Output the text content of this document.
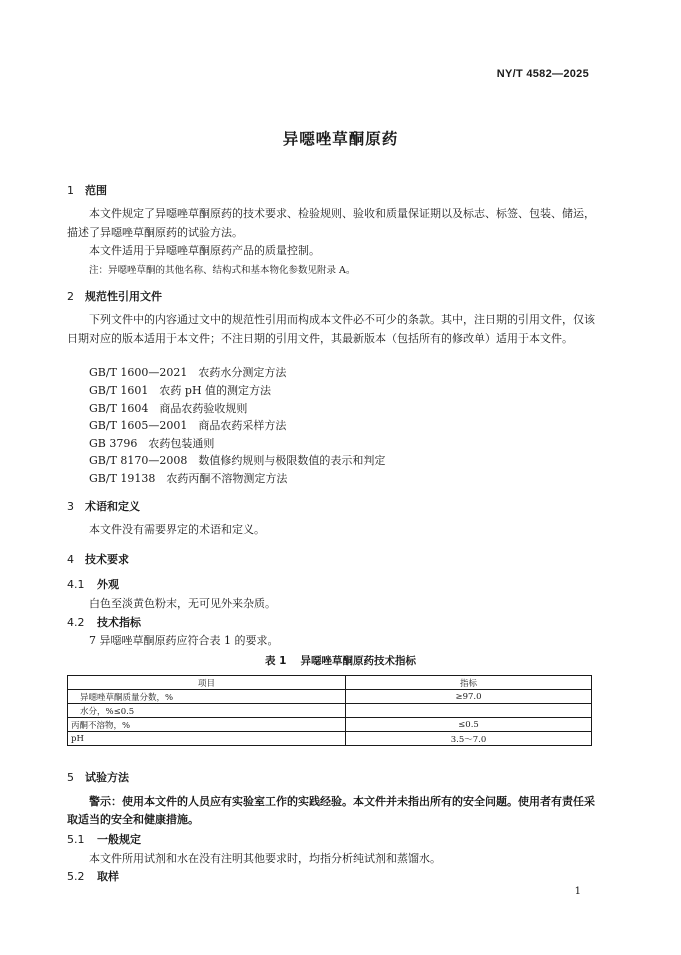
NY/T 4582—2025
异噁唑草酮原药
1 范围
本文件规定了异噁唑草酮原药的技术要求、检验规则、验收和质量保证期以及标志、标签、包装、储运，描述了异噁唑草酮原药的试验方法。
本文件适用于异噁唑草酮原药产品的质量控制。
注：异噁唑草酮的其他名称、结构式和基本物化参数见附录 A。
2 规范性引用文件
下列文件中的内容通过文中的规范性引用而构成本文件必不可少的条款。其中，注日期的引用文件，仅该日期对应的版本适用于本文件；不注日期的引用文件，其最新版本（包括所有的修改单）适用于本文件。
GB/T 1600—2021　农药水分测定方法
GB/T 1601　农药 pH 值的测定方法
GB/T 1604　商品农药验收规则
GB/T 1605—2001　商品农药采样方法
GB 3796　农药包装通则
GB/T 8170—2008　数值修约规则与极限数值的表示和判定
GB/T 19138　农药丙酮不溶物测定方法
3 术语和定义
本文件没有需要界定的术语和定义。
4 技术要求
4.1 外观
白色至淡黄色粉末，无可见外来杂质。
4.2 技术指标
7 异噁唑草酮原药应符合表 1 的要求。
表 1 异噁唑草酮原药技术指标
项目	指标
异噁唑草酮质量分数，%	≥97.0
水分，%≤0.5	
丙酮不溶物，%	≤0.5
pH	3.5～7.0
5 试验方法
警示：使用本文件的人员应有实验室工作的实践经验。本文件并未指出所有的安全问题。使用者有责任采取适当的安全和健康措施。
5.1 一般规定
本文件所用试剂和水在没有注明其他要求时，均指分析纯试剂和蒸馏水。
5.2 取样
1
